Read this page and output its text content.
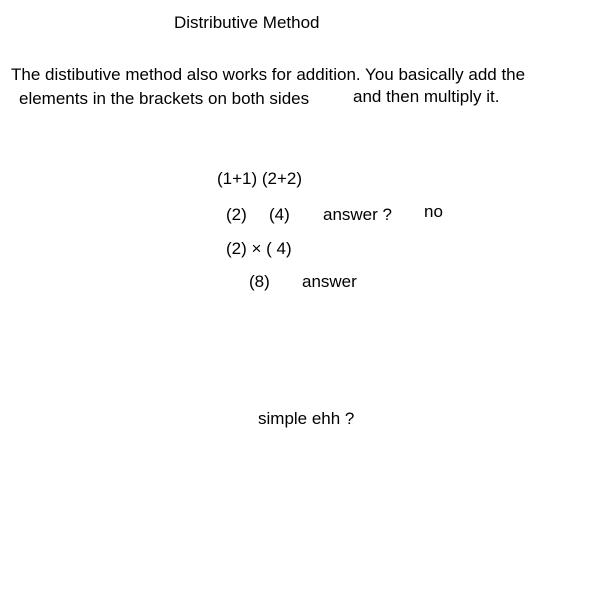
Distributive Method
The distibutive method also works for addition. You basically add the
elements in the brackets on both sides	and then multiply it.
(1+1) (2+2)
(2) (4) answer ? no
(2) × ( 4)
(8) answer
simple ehh ?
